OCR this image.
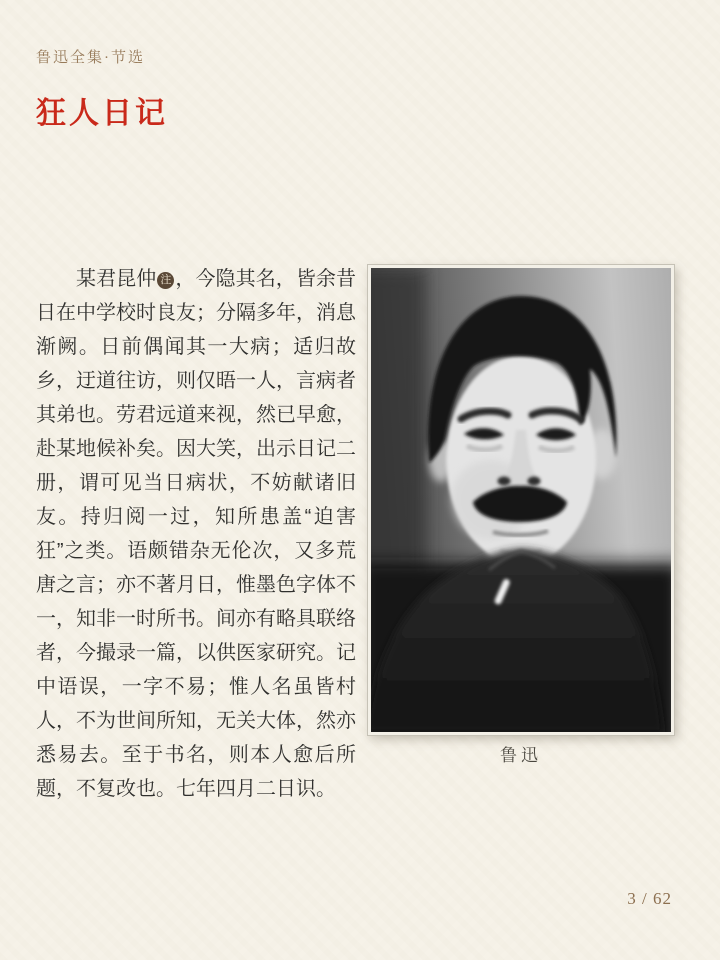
鲁迅全集·节选
狂人日记

某君昆仲 注 ，今隐其名，皆余昔日在中学校时良友；分隔多年，消息渐阙。日前偶闻其一大病；适归故乡，迂道往访，则仅晤一人，言病者其弟也。劳君远道来视，然已早愈，赴某地候补矣。因大笑，出示日记二册，谓可见当日病状，不妨献诸旧友。持归阅一过，知所患盖“迫害狂”之类。语颇错杂无伦次，又多荒唐之言；亦不著月日，惟墨色字体不一，知非一时所书。间亦有略具联络者，今撮录一篇，以供医家研究。记中语误，一字不易；惟人名虽皆村人，不为世间所知，无关大体，然亦悉易去。至于书名，则本人愈后所题，不复改也。七年四月二日识。

鲁迅
3 / 62
